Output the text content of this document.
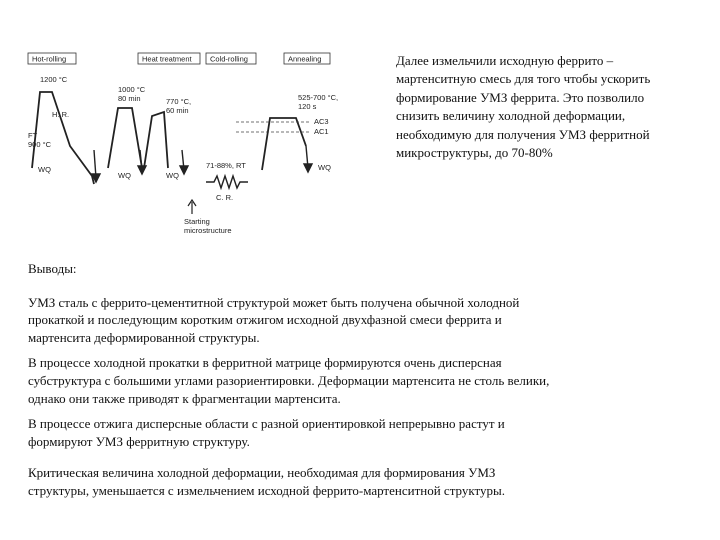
Hot-rolling	Heat treatment Cold-rolling	Annealing
1200 °C
H. R.
FT
900 °C
WQ
1000 °C
80 min
WQ
770 °C,
60 min
WQ
71-88%, RT
C. R.
Starting
microstructure
525-700 °C,
120 s
AC3
AC1
WQ
Далее измельчили исходную феррито –
мартенситную смесь для того чтобы ускорить
формирование УМЗ феррита. Это позволило
снизить величину холодной деформации,
необходимую для получения УМЗ ферритной
микроструктуры, до 70-80%
Выводы:
УМЗ сталь с феррито-цементитной структурой может быть получена обычной холодной
прокаткой и последующим коротким отжигом исходной двухфазной смеси феррита и
мартенсита деформированной структуры.
В процессе холодной прокатки в ферритной матрице формируются очень дисперсная
субструктура с большими углами разориентировки. Деформации мартенсита не столь велики,
однако они также приводят к фрагментации мартенсита.
В процессе отжига дисперсные области с разной ориентировкой непрерывно растут и
формируют УМЗ ферритную структуру.
Критическая величина холодной деформации, необходимая для формирования УМЗ
структуры, уменьшается с измельчением исходной феррито-мартенситной структуры.
